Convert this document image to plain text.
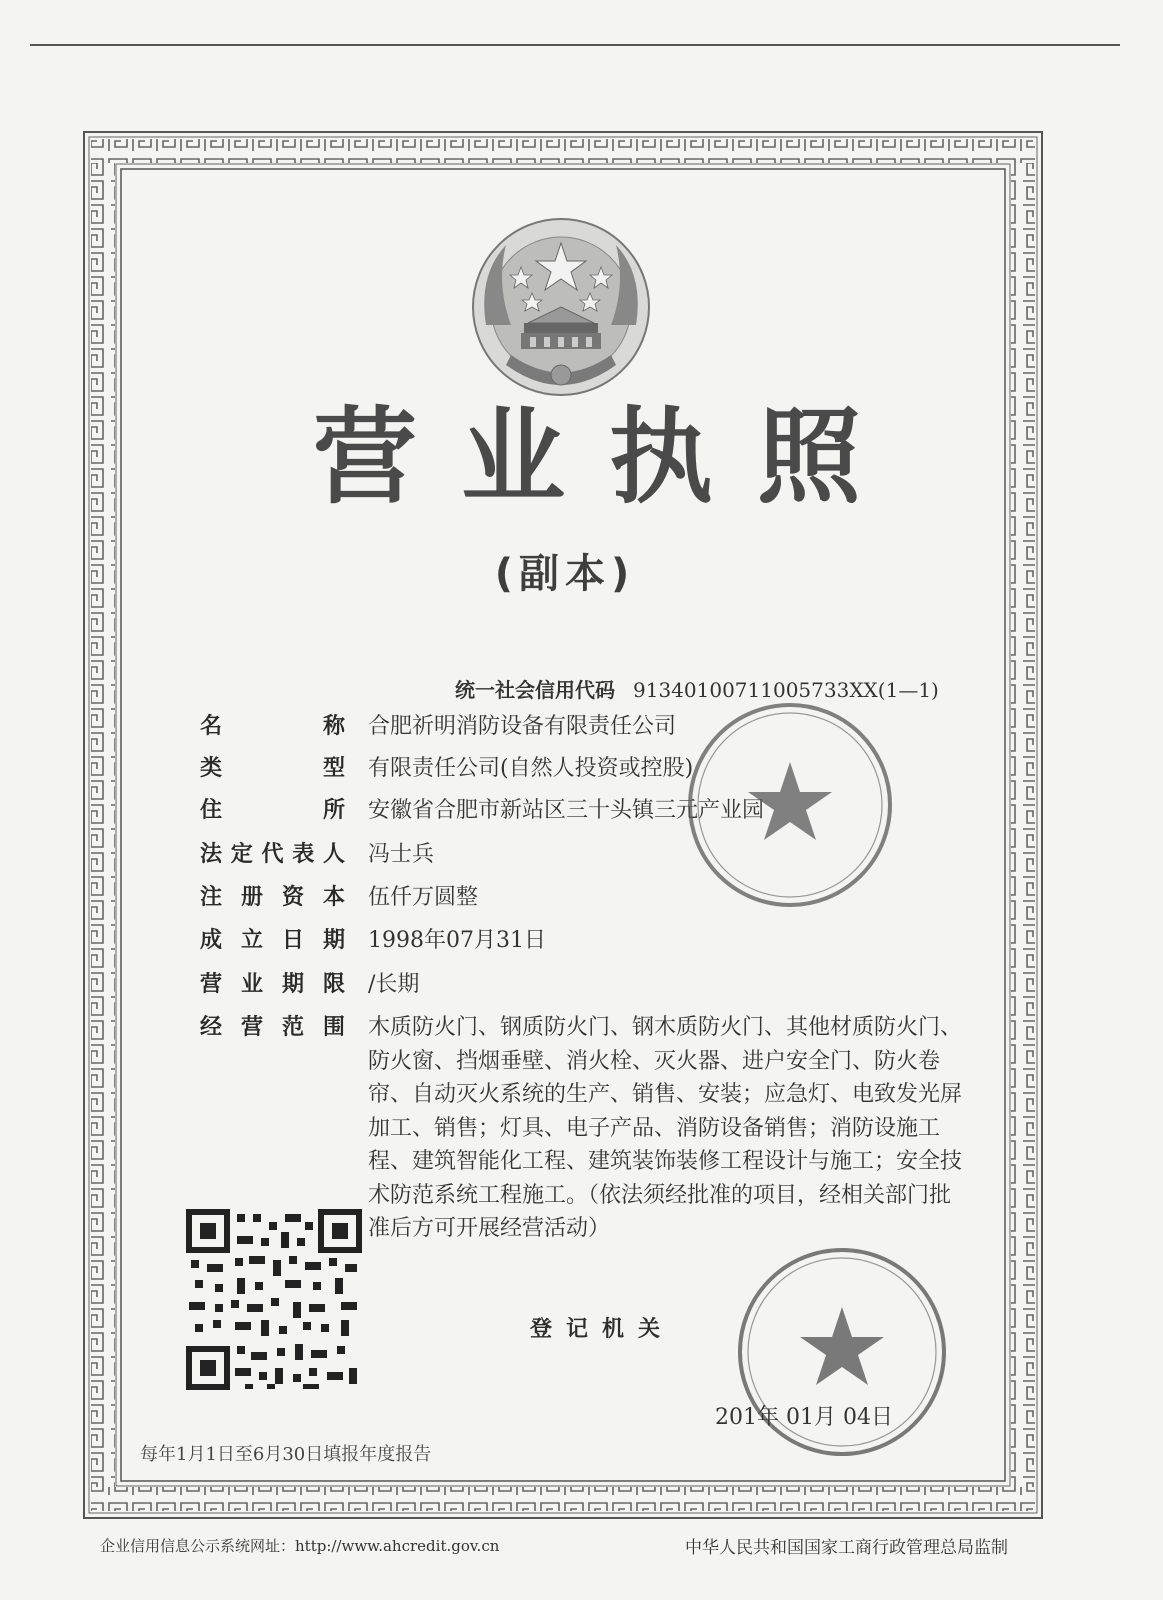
营业执照
(副本)
统一社会信用代码 91340100711005733XX(1—1)
名称 合肥祈明消防设备有限责任公司
类型 有限责任公司(自然人投资或控股)
住所 安徽省合肥市新站区三十头镇三元产业园
法定代表人 冯士兵
注册资本 伍仟万圆整
成立日期 1998年07月31日
营业期限 /长期
经营范围 木质防火门、钢质防火门、钢木质防火门、其他材质防火门、防火窗、挡烟垂壁、消火栓、灭火器、进户安全门、防火卷帘、自动灭火系统的生产、销售、安装；应急灯、电致发光屏加工、销售；灯具、电子产品、消防设备销售；消防设施工程、建筑智能化工程、建筑装饰装修工程设计与施工；安全技术防范系统工程施工。（依法须经批准的项目，经相关部门批准后方可开展经营活动）
登记机关
201年 01月 04日
每年1月1日至6月30日填报年度报告
企业信用信息公示系统网址：http://www.ahcredit.gov.cn	中华人民共和国国家工商行政管理总局监制
